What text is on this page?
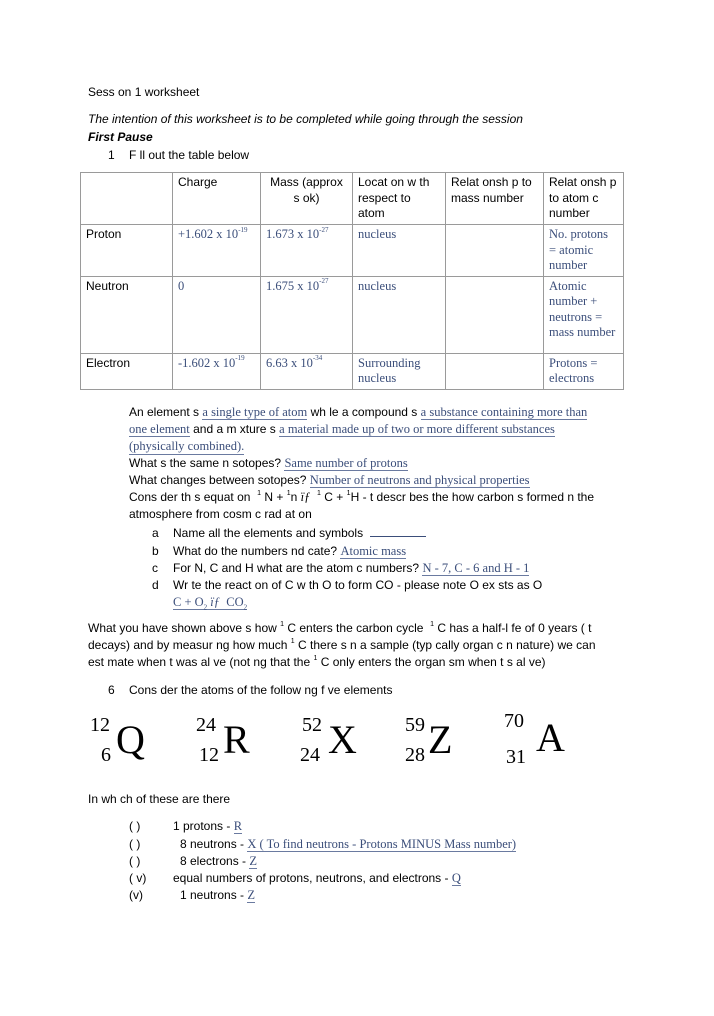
Sess on 1 worksheet
The intention of this worksheet is to be completed while going through the session
First Pause
1 F ll out the table below
	Charge	Mass (approx s ok)	Locat on w th respect to atom	Relat onsh p to mass number	Relat onsh p to atom c number
Proton	+1.602 x $10^{-19}$	1.673 x $10^{-27}$	nucleus		No. protons = atomic number
Neutron	0	1.675 x $10^{-27}$	nucleus		Atomic number + neutrons = mass number
Electron	-1.602 x $10^{-19}$	6.63 x $10^{-34}$	Surrounding nucleus		Protons = electrons
An element s a single type of atom wh le a compound s a substance containing more than
one element and a m xture s a material made up of two or more different substances
(physically combined).
What s the same n sotopes? Same number of protons
What changes between sotopes? Number of neutrons and physical properties
Cons der th s equat on $^1$ N + $^1$n ïƒ $^1$ C + $^1$H - t descr bes the how carbon s formed n the
atmosphere from cosm c rad at on
a Name all the elements and symbols
b What do the numbers nd cate? Atomic mass
c For N, C and H what are the atom c numbers? N - 7, C - 6 and H - 1
d Wr te the react on of C w th O to form CO - please note O ex sts as O
$C + O_2$ ïƒ $CO_2$
What you have shown above s how $^1$ C enters the carbon cycle $^1$ C has a half-l fe of 0 years ( t
decays) and by measur ng how much $^1$ C there s n a sample (typ cally organ c n nature) we can
est mate when t was al ve (not ng that the $^1$ C only enters the organ sm when t s al ve)
6 Cons der the atoms of the follow ng f ve elements
12
6 Q	24
12 R	52
24 X 59
28 Z	70
31 A
In wh ch of these are there
( )	1 protons - R
( )	8 neutrons - X ( To find neutrons - Protons MINUS Mass number)
( )	8 electrons - Z
( v) equal numbers of protons, neutrons, and electrons - Q
(v)	1 neutrons - Z
